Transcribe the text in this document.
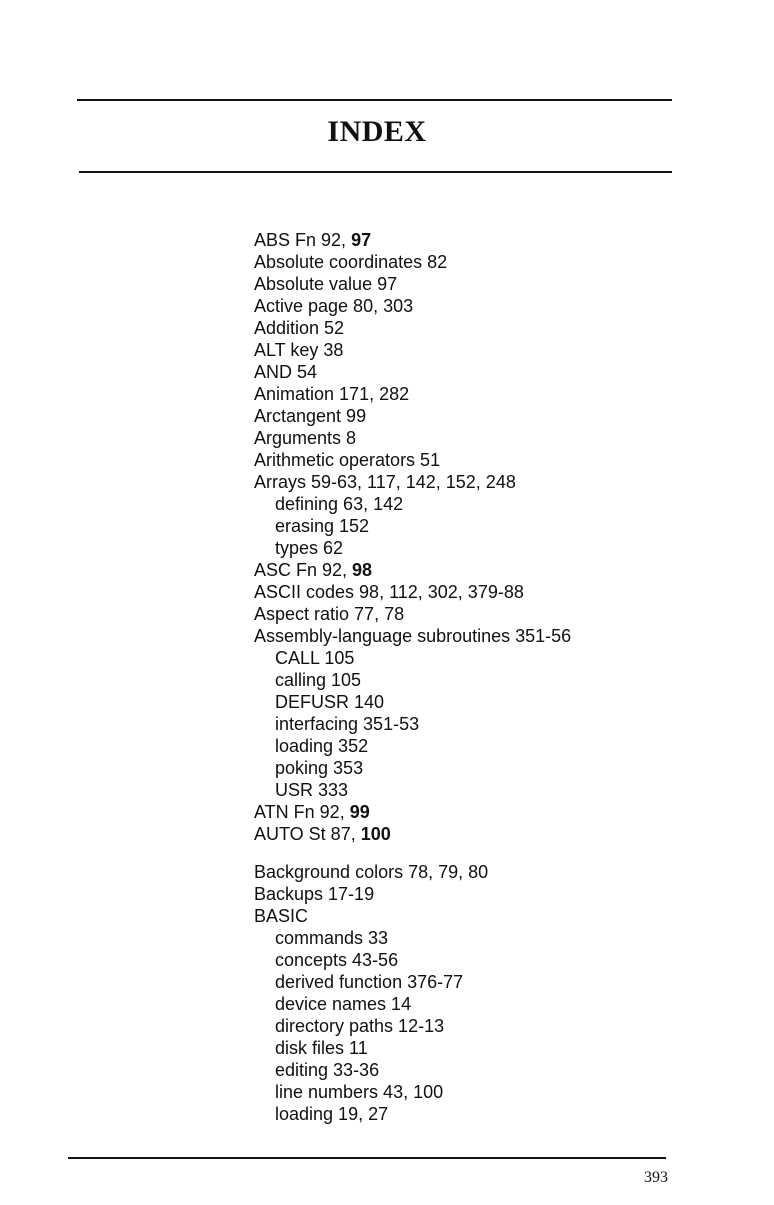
INDEX
ABS Fn 92, 97
Absolute coordinates 82
Absolute value 97
Active page 80, 303
Addition 52
ALT key 38
AND 54
Animation 171, 282
Arctangent 99
Arguments 8
Arithmetic operators 51
Arrays 59-63, 117, 142, 152, 248
defining 63, 142
erasing 152
types 62
ASC Fn 92, 98
ASCII codes 98, 112, 302, 379-88
Aspect ratio 77, 78
Assembly-language subroutines 351-56
CALL 105
calling 105
DEFUSR 140
interfacing 351-53
loading 352
poking 353
USR 333
ATN Fn 92, 99
AUTO St 87, 100
Background colors 78, 79, 80
Backups 17-19
BASIC
commands 33
concepts 43-56
derived function 376-77
device names 14
directory paths 12-13
disk files 11
editing 33-36
line numbers 43, 100
loading 19, 27
393
